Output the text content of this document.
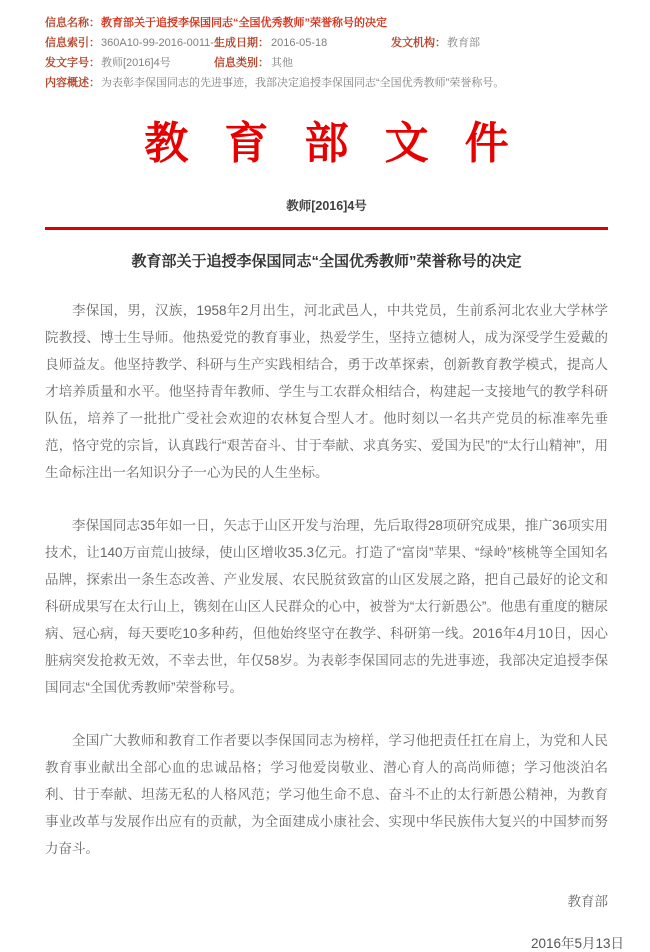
信息名称： 教育部关于追授李保国同志“全国优秀教师”荣誉称号的决定
信息索引： 360A10-99-2016-0011-1
生成日期： 2016-05-18	发文机构： 教育部
发文字号： 教师[2016]4号	信息类别： 其他
内容概述： 为表彰李保国同志的先进事迹，我部决定追授李保国同志“全国优秀教师”荣誉称号。
教育部文件
教师[2016]4号
教育部关于追授李保国同志“全国优秀教师”荣誉称号的决定

李保国，男，汉族，1958年2月出生，河北武邑人，中共党员，生前系河北农业大学林学院教授、博士生导师。他热爱党的教育事业，热爱学生，坚持立德树人，成为深受学生爱戴的良师益友。他坚持教学、科研与生产实践相结合，勇于改革探索，创新教育教学模式，提高人才培养质量和水平。他坚持青年教师、学生与工农群众相结合，构建起一支接地气的教学科研队伍，培养了一批批广受社会欢迎的农林复合型人才。他时刻以一名共产党员的标准率先垂范，恪守党的宗旨，认真践行“艰苦奋斗、甘于奉献、求真务实、爱国为民”的“太行山精神”，用生命标注出一名知识分子一心为民的人生坐标。

李保国同志35年如一日，矢志于山区开发与治理，先后取得28项研究成果，推广36项实用技术，让140万亩荒山披绿，使山区增收35.3亿元。打造了“富岗”苹果、“绿岭”核桃等全国知名品牌，探索出一条生态改善、产业发展、农民脱贫致富的山区发展之路，把自己最好的论文和科研成果写在太行山上，镌刻在山区人民群众的心中，被誉为“太行新愚公”。他患有重度的糖尿病、冠心病，每天要吃10多种药，但他始终坚守在教学、科研第一线。2016年4月10日，因心脏病突发抢救无效，不幸去世，年仅58岁。为表彰李保国同志的先进事迹，我部决定追授李保国同志“全国优秀教师”荣誉称号。

全国广大教师和教育工作者要以李保国同志为榜样，学习他把责任扛在肩上，为党和人民教育事业献出全部心血的忠诚品格；学习他爱岗敬业、潜心育人的高尚师德；学习他淡泊名利、甘于奉献、坦荡无私的人格风范；学习他生命不息、奋斗不止的太行新愚公精神，为教育事业改革与发展作出应有的贡献，为全面建成小康社会、实现中华民族伟大复兴的中国梦而努力奋斗。

教育部
2016年5月13日
